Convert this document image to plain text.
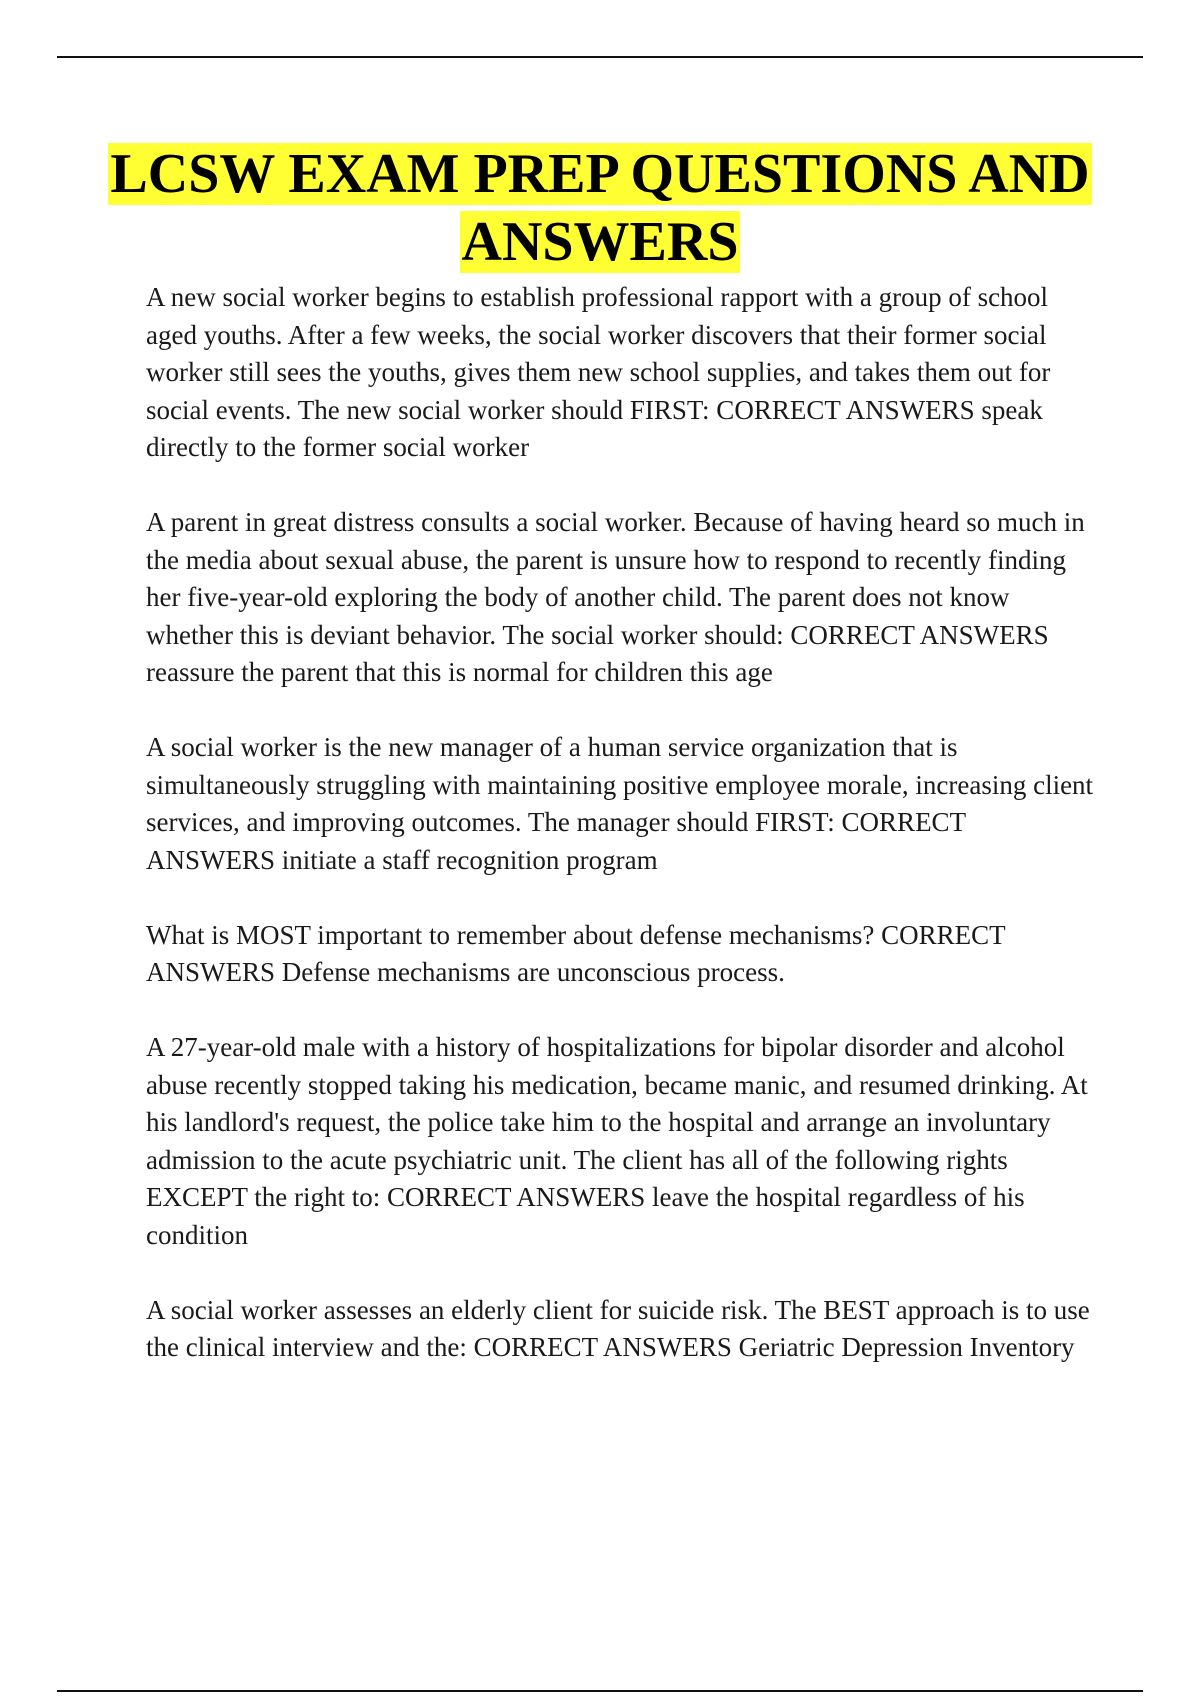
LCSW EXAM PREP QUESTIONS AND ANSWERS

A new social worker begins to establish professional rapport with a group of school aged youths. After a few weeks, the social worker discovers that their former social worker still sees the youths, gives them new school supplies, and takes them out for social events. The new social worker should FIRST: CORRECT ANSWERS speak directly to the former social worker

A parent in great distress consults a social worker. Because of having heard so much in the media about sexual abuse, the parent is unsure how to respond to recently finding her five-year-old exploring the body of another child. The parent does not know whether this is deviant behavior. The social worker should: CORRECT ANSWERS reassure the parent that this is normal for children this age

A social worker is the new manager of a human service organization that is simultaneously struggling with maintaining positive employee morale, increasing client services, and improving outcomes. The manager should FIRST: CORRECT ANSWERS initiate a staff recognition program

What is MOST important to remember about defense mechanisms? CORRECT ANSWERS Defense mechanisms are unconscious process.

A 27-year-old male with a history of hospitalizations for bipolar disorder and alcohol abuse recently stopped taking his medication, became manic, and resumed drinking. At his landlord's request, the police take him to the hospital and arrange an involuntary admission to the acute psychiatric unit. The client has all of the following rights EXCEPT the right to: CORRECT ANSWERS leave the hospital regardless of his condition

A social worker assesses an elderly client for suicide risk. The BEST approach is to use the clinical interview and the: CORRECT ANSWERS Geriatric Depression Inventory
